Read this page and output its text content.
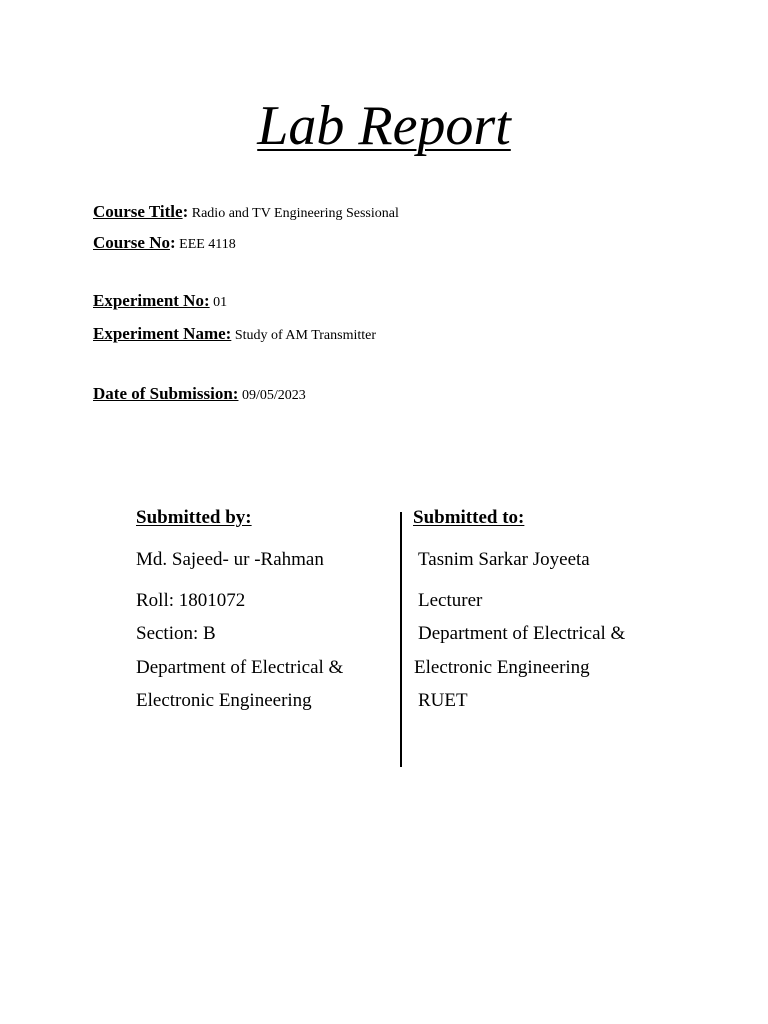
Lab Report
Course Title: Radio and TV Engineering Sessional
Course No: EEE 4118
Experiment No: 01
Experiment Name: Study of AM Transmitter
Date of Submission: 09/05/2023
Submitted by:
Md. Sajeed- ur -Rahman
Roll: 1801072
Section: B
Department of Electrical &
Electronic Engineering
Submitted to:
Tasnim Sarkar Joyeeta
Lecturer
Department of Electrical &
Electronic Engineering
RUET
